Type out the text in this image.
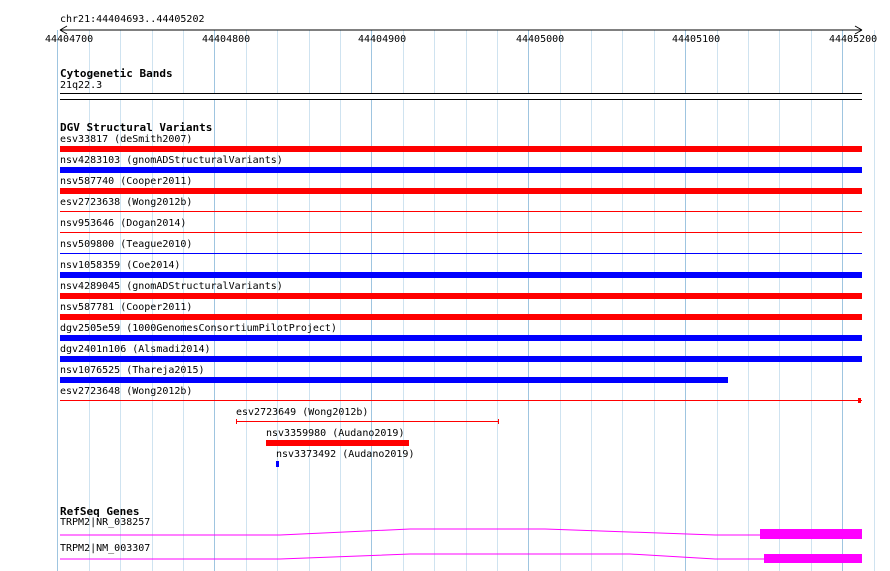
chr21:44404693..44405202
44404700	44404800	44404900	44405000	44405100	44405200
Cytogenetic Bands
21q22.3
DGV Structural Variants
esv33817 (deSmith2007)
nsv4283103 (gnomADStructuralVariants)
nsv587740 (Cooper2011)
esv2723638 (Wong2012b)
nsv953646 (Dogan2014)
nsv509800 (Teague2010)
nsv1058359 (Coe2014)
nsv4289045 (gnomADStructuralVariants)
nsv587781 (Cooper2011)
dgv2505e59 (1000GenomesConsortiumPilotProject)
dgv2401n106 (Alsmadi2014)
nsv1076525 (Thareja2015)
esv2723648 (Wong2012b)
esv2723649 (Wong2012b)
nsv3359980 (Audano2019)
nsv3373492 (Audano2019)
RefSeq Genes
TRPM2|NR_038257
TRPM2|NM_003307
